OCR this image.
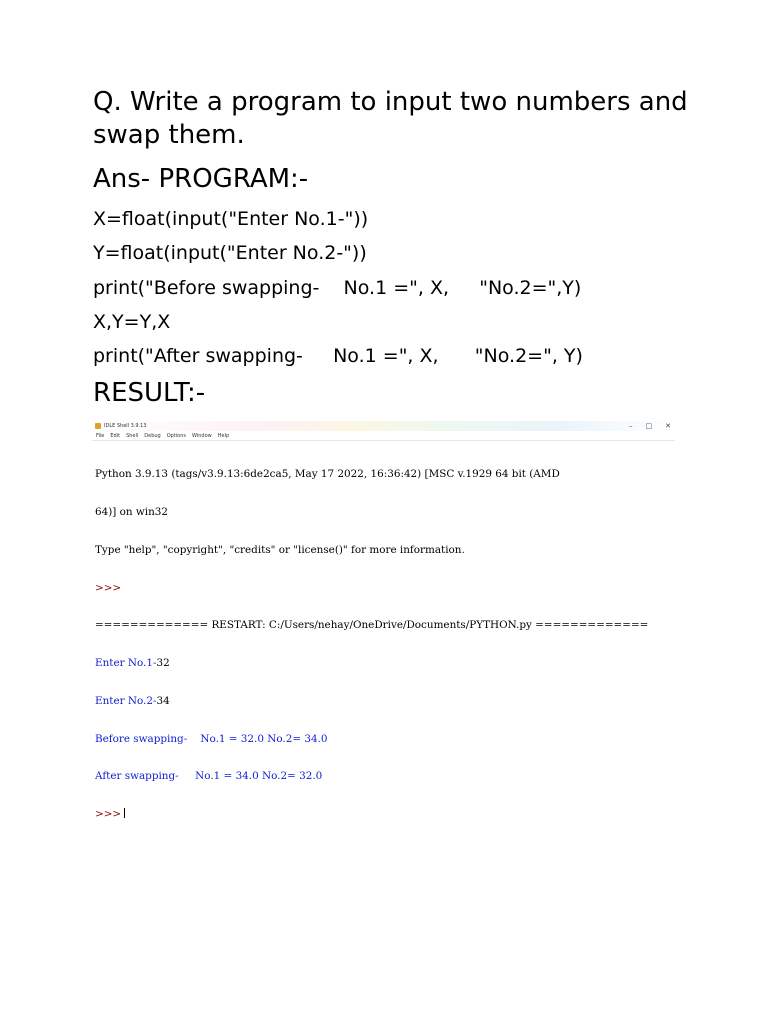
Q. Write a program to input two numbers and swap them.
Ans- PROGRAM:-
X=float(input("Enter No.1-"))
Y=float(input("Enter No.2-"))
print("Before swapping-    No.1 =", X,     "No.2=",Y)
X,Y=Y,X
print("After swapping-     No.1 =", X,      "No.2=", Y)
RESULT:-
IDLE Shell 3.9.13	– □ ✕
File Edit Shell Debug Options Window Help

Python 3.9.13 (tags/v3.9.13:6de2ca5, May 17 2022, 16:36:42) [MSC v.1929 64 bit (AMD

64)] on win32

Type "help", "copyright", "credits" or "license()" for more information.

>>>

============= RESTART: C:/Users/nehay/OneDrive/Documents/PYTHON.py =============

Enter No.1-32

Enter No.2-34

Before swapping-    No.1 = 32.0 No.2= 34.0

After swapping-     No.1 = 34.0 No.2= 32.0

>>>
